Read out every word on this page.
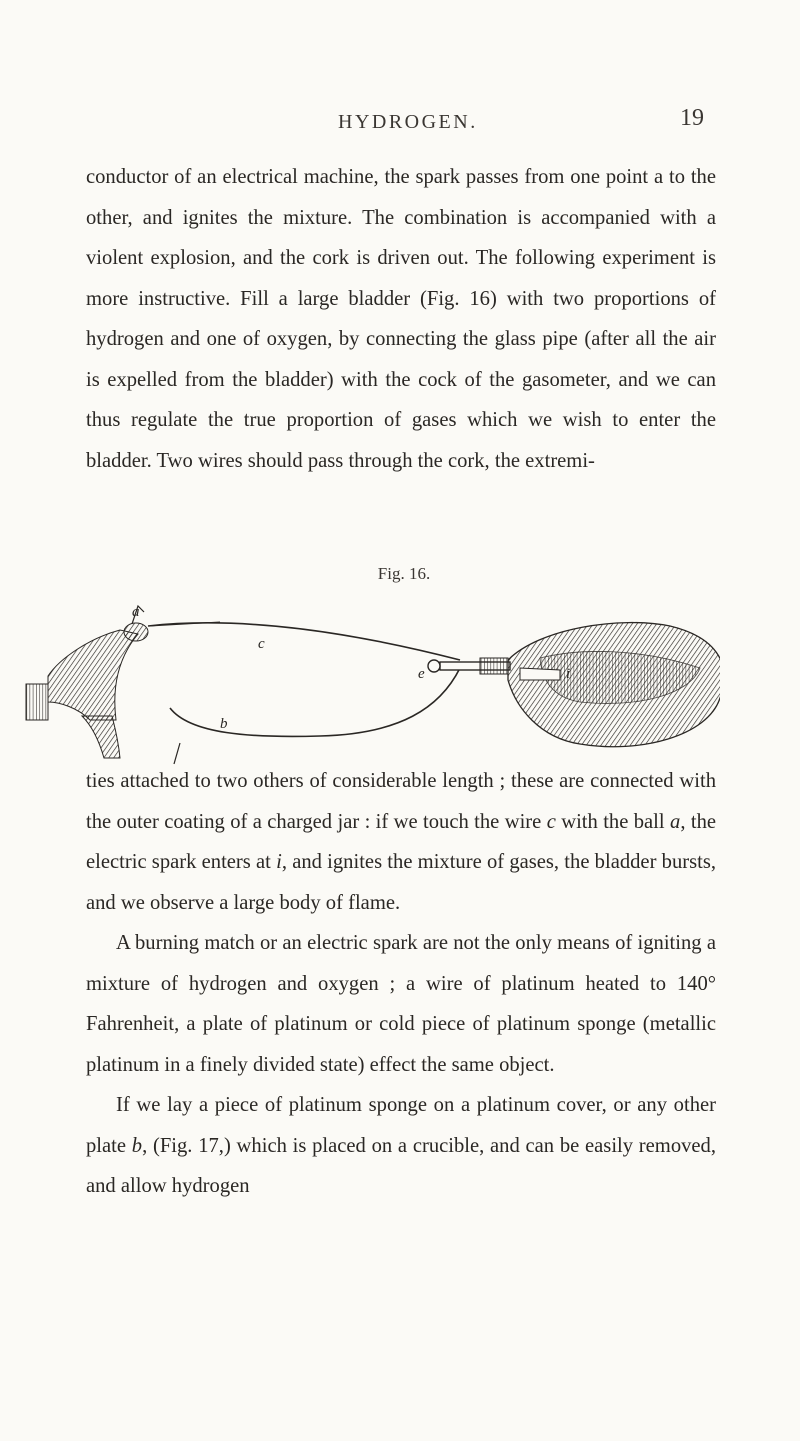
HYDROGEN.	19

conductor of an electrical machine, the spark passes from one point a to the other, and ignites the mixture. The combination is accompanied with a violent explosion, and the cork is driven out. The following experiment is more instructive. Fill a large bladder (Fig. 16) with two proportions of hydrogen and one of oxygen, by connecting the glass pipe (after all the air is expelled from the bladder) with the cock of the gasometer, and we can thus regulate the true proportion of gases which we wish to enter the bladder. Two wires should pass through the cork, the extremi-

Fig. 16.
a
c
b
e	i

ties attached to two others of considerable length ; these are connected with the outer coating of a charged jar : if we touch the wire c with the ball a, the electric spark enters at i, and ignites the mixture of gases, the bladder bursts, and we observe a large body of flame.

A burning match or an electric spark are not the only means of igniting a mixture of hydrogen and oxygen ; a wire of platinum heated to 140° Fahrenheit, a plate of platinum or cold piece of platinum sponge (metallic platinum in a finely divided state) effect the same object.

If we lay a piece of platinum sponge on a platinum cover, or any other plate b, (Fig. 17,) which is placed on a crucible, and can be easily removed, and allow hydrogen
